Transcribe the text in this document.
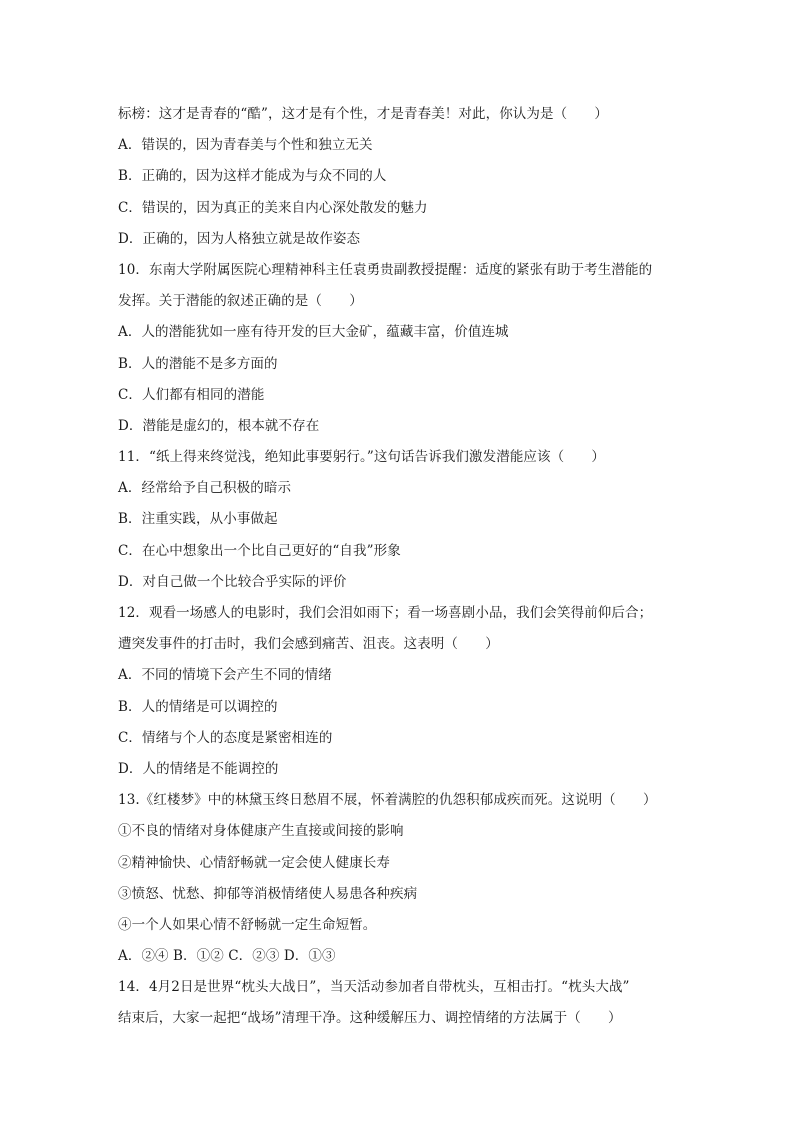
标榜：这才是青春的“酷”，这才是有个性，才是青春美！对此，你认为是（　　）
A．错误的，因为青春美与个性和独立无关
B．正确的，因为这样才能成为与众不同的人
C．错误的，因为真正的美来自内心深处散发的魅力
D．正确的，因为人格独立就是故作姿态
10．东南大学附属医院心理精神科主任袁勇贵副教授提醒：适度的紧张有助于考生潜能的
发挥。关于潜能的叙述正确的是（　　）
A．人的潜能犹如一座有待开发的巨大金矿，蕴藏丰富，价值连城
B．人的潜能不是多方面的
C．人们都有相同的潜能
D．潜能是虚幻的，根本就不存在
11．“纸上得来终觉浅，绝知此事要躬行。”这句话告诉我们激发潜能应该（　　）
A．经常给予自己积极的暗示
B．注重实践，从小事做起
C．在心中想象出一个比自己更好的“自我”形象
D．对自己做一个比较合乎实际的评价
12．观看一场感人的电影时，我们会泪如雨下；看一场喜剧小品，我们会笑得前仰后合；
遭突发事件的打击时，我们会感到痛苦、沮丧。这表明（　　）
A．不同的情境下会产生不同的情绪
B．人的情绪是可以调控的
C．情绪与个人的态度是紧密相连的
D．人的情绪是不能调控的
13.《红楼梦》中的林黛玉终日愁眉不展，怀着满腔的仇怨积郁成疾而死。这说明（　　）
①不良的情绪对身体健康产生直接或间接的影响
②精神愉快、心情舒畅就一定会使人健康长寿
③愤怒、忧愁、抑郁等消极情绪使人易患各种疾病
④一个人如果心情不舒畅就一定生命短暂。
A．②④ B．①② C．②③ D．①③
14．4月2日是世界“枕头大战日”，当天活动参加者自带枕头，互相击打。“枕头大战”
结束后，大家一起把“战场”清理干净。这种缓解压力、调控情绪的方法属于（　　）
